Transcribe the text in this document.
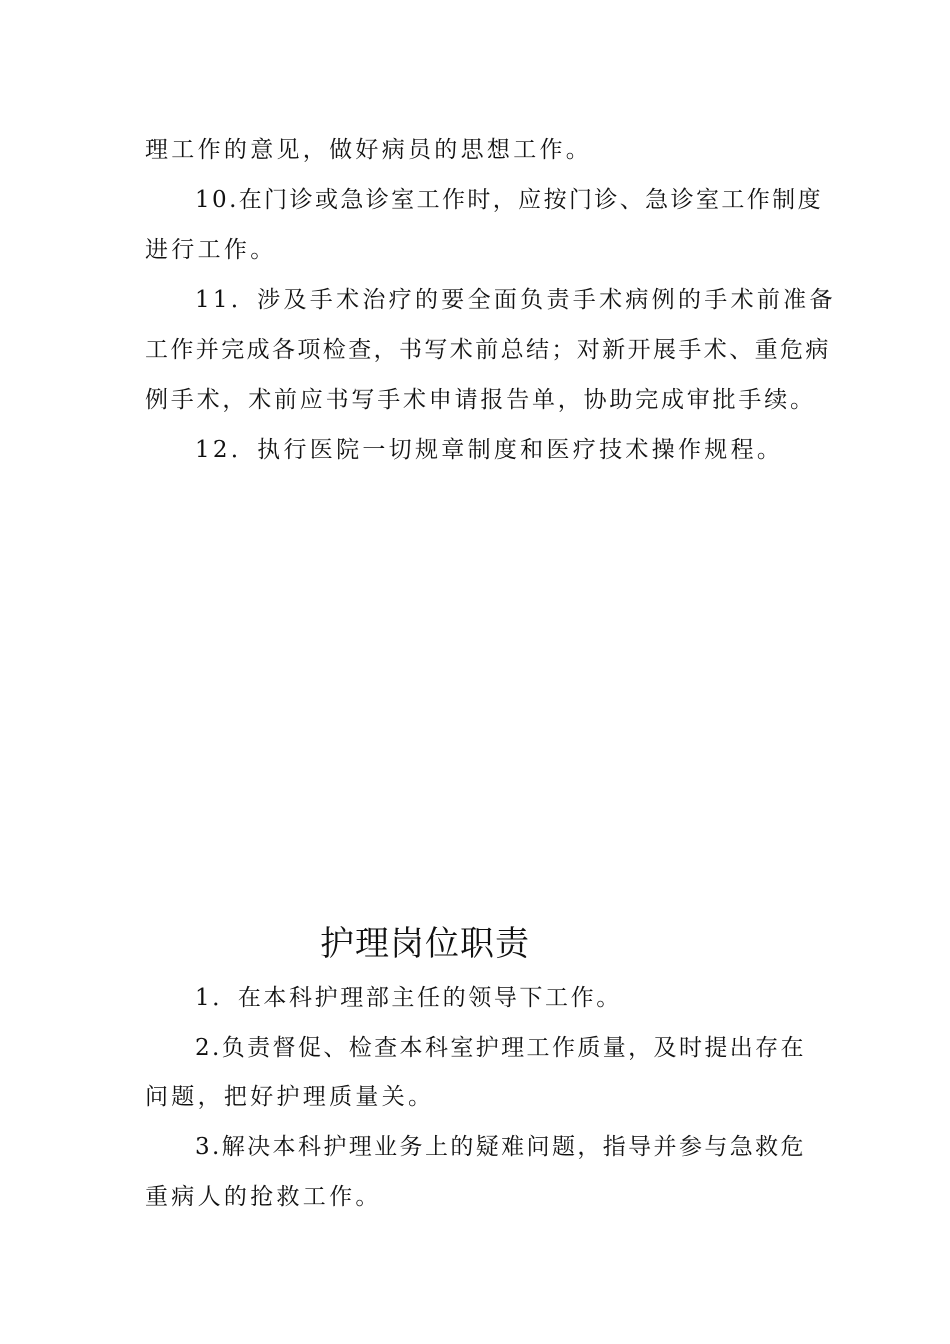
理工作的意见，做好病员的思想工作。
10.在门诊或急诊室工作时，应按门诊、急诊室工作制度
进行工作。
11．涉及手术治疗的要全面负责手术病例的手术前准备
工作并完成各项检查，书写术前总结；对新开展手术、重危病
例手术，术前应书写手术申请报告单，协助完成审批手续。
12．执行医院一切规章制度和医疗技术操作规程。
护理岗位职责
1．在本科护理部主任的领导下工作。
2.负责督促、检查本科室护理工作质量，及时提出存在
问题，把好护理质量关。
3.解决本科护理业务上的疑难问题，指导并参与急救危
重病人的抢救工作。
